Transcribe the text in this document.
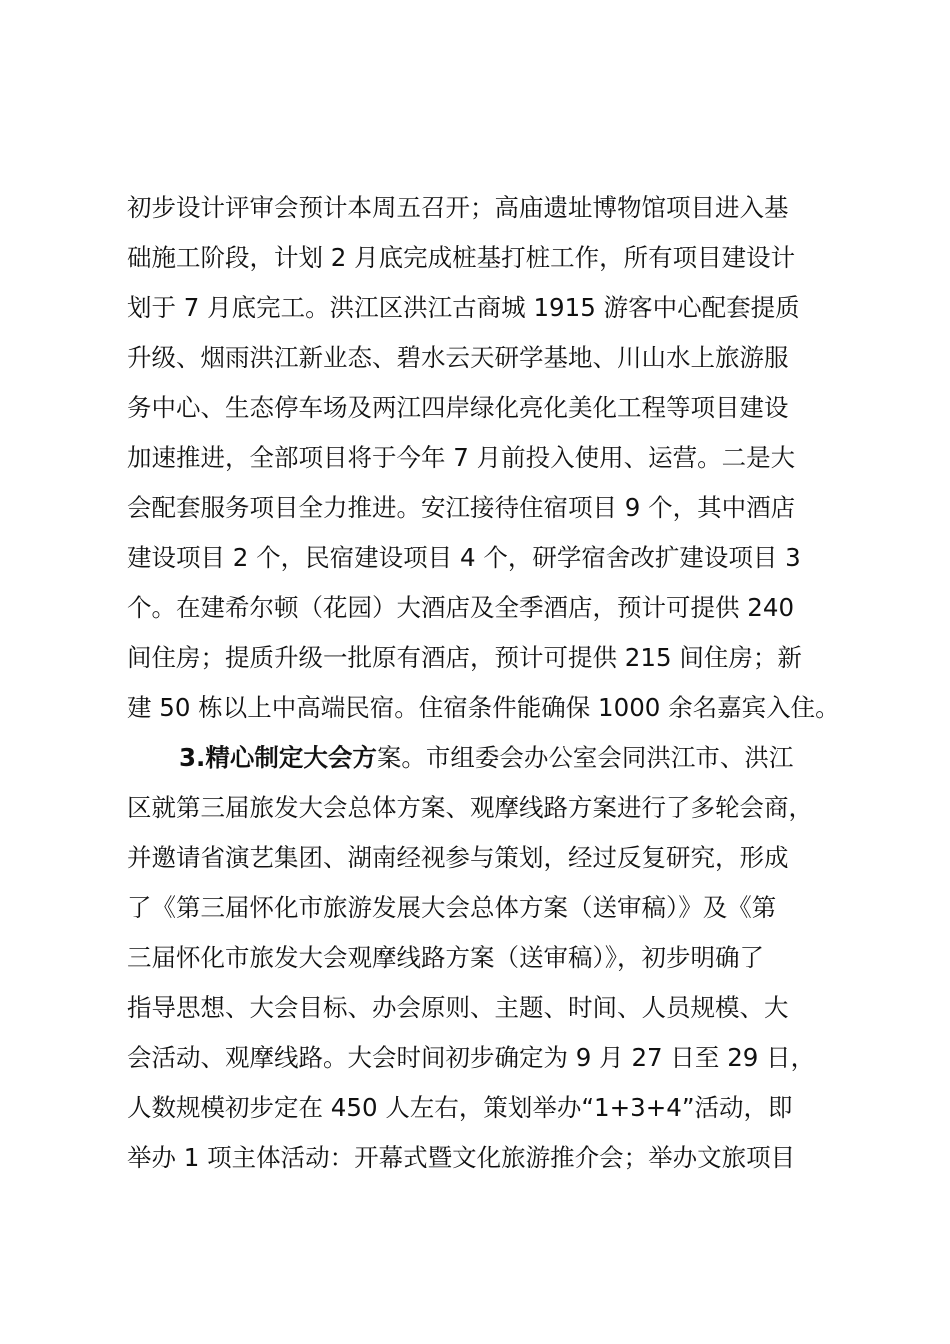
初步设计评审会预计本周五召开；高庙遗址博物馆项目进入基
础施工阶段，计划 2 月底完成桩基打桩工作，所有项目建设计
划于 7 月底完工。洪江区洪江古商城 1915 游客中心配套提质
升级、烟雨洪江新业态、碧水云天研学基地、川山水上旅游服
务中心、生态停车场及两江四岸绿化亮化美化工程等项目建设
加速推进，全部项目将于今年 7 月前投入使用、运营。二是大
会配套服务项目全力推进。安江接待住宿项目 9 个，其中酒店
建设项目 2 个，民宿建设项目 4 个，研学宿舍改扩建设项目 3
个。在建希尔顿（花园）大酒店及全季酒店，预计可提供 240
间住房；提质升级一批原有酒店，预计可提供 215 间住房；新
建 50 栋以上中高端民宿。住宿条件能确保 1000 余名嘉宾入住。
3.精心制定大会方案。市组委会办公室会同洪江市、洪江
区就第三届旅发大会总体方案、观摩线路方案进行了多轮会商，
并邀请省演艺集团、湖南经视参与策划，经过反复研究，形成
了《第三届怀化市旅游发展大会总体方案（送审稿）》及《第
三届怀化市旅发大会观摩线路方案（送审稿）》，初步明确了
指导思想、大会目标、办会原则、主题、时间、人员规模、大
会活动、观摩线路。大会时间初步确定为 9 月 27 日至 29 日，
人数规模初步定在 450 人左右，策划举办“1+3+4”活动，即
举办 1 项主体活动：开幕式暨文化旅游推介会；举办文旅项目
